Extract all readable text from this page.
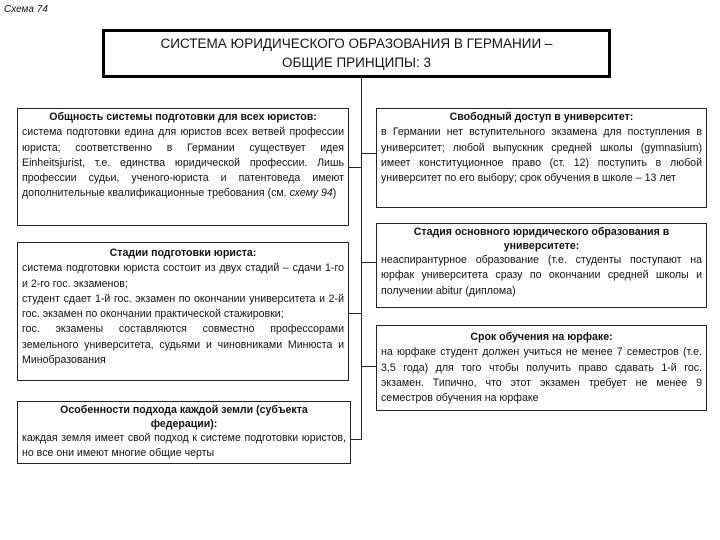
Схема 74
СИСТЕМА ЮРИДИЧЕСКОГО ОБРАЗОВАНИЯ В ГЕРМАНИИ –
ОБЩИЕ ПРИНЦИПЫ: 3
Общность системы подготовки для всех юристов:
система подготовки едина для юристов всех ветвей профессии юриста; соответственно в Германии существует идея Einheitsjurist, т.е. единства юридической профессии. Лишь профессии судьи, ученого-юриста и патентоведа имеют дополнительные квалификационные требования (см. схему 94)
Стадии подготовки юриста:
система подготовки юриста состоит из двух стадий – сдачи 1-го и 2-го гос. экзаменов;
студент сдает 1-й гос. экзамен по окончании университета и 2-й гос. экзамен по окончании практической стажировки;
гос. экзамены составляются совместно профессорами земельного университета, судьями и чиновниками Минюста и Минобразования
Особенности подхода каждой земли (субъекта федерации):
каждая земля имеет свой подход к системе подготовки юристов, но все они имеют многие общие черты
Свободный доступ в университет:
в Германии нет вступительного экзамена для поступления в университет; любой выпускник средней школы (gymnasium) имеет конституционное право (ст. 12) поступить в любой университет по его выбору; срок обучения в школе – 13 лет
Стадия основного юридического образования в университете:
неаспирантурное образование (т.е. студенты поступают на юрфак университета сразу по окончании средней школы и получении abitur (диплома)
Срок обучения на юрфаке:
на юрфаке студент должен учиться не менее 7 семестров (т.е. 3,5 года) для того чтобы получить право сдавать 1-й гос. экзамен. Типично, что этот экзамен требует не менее 9 семестров обучения на юрфаке
